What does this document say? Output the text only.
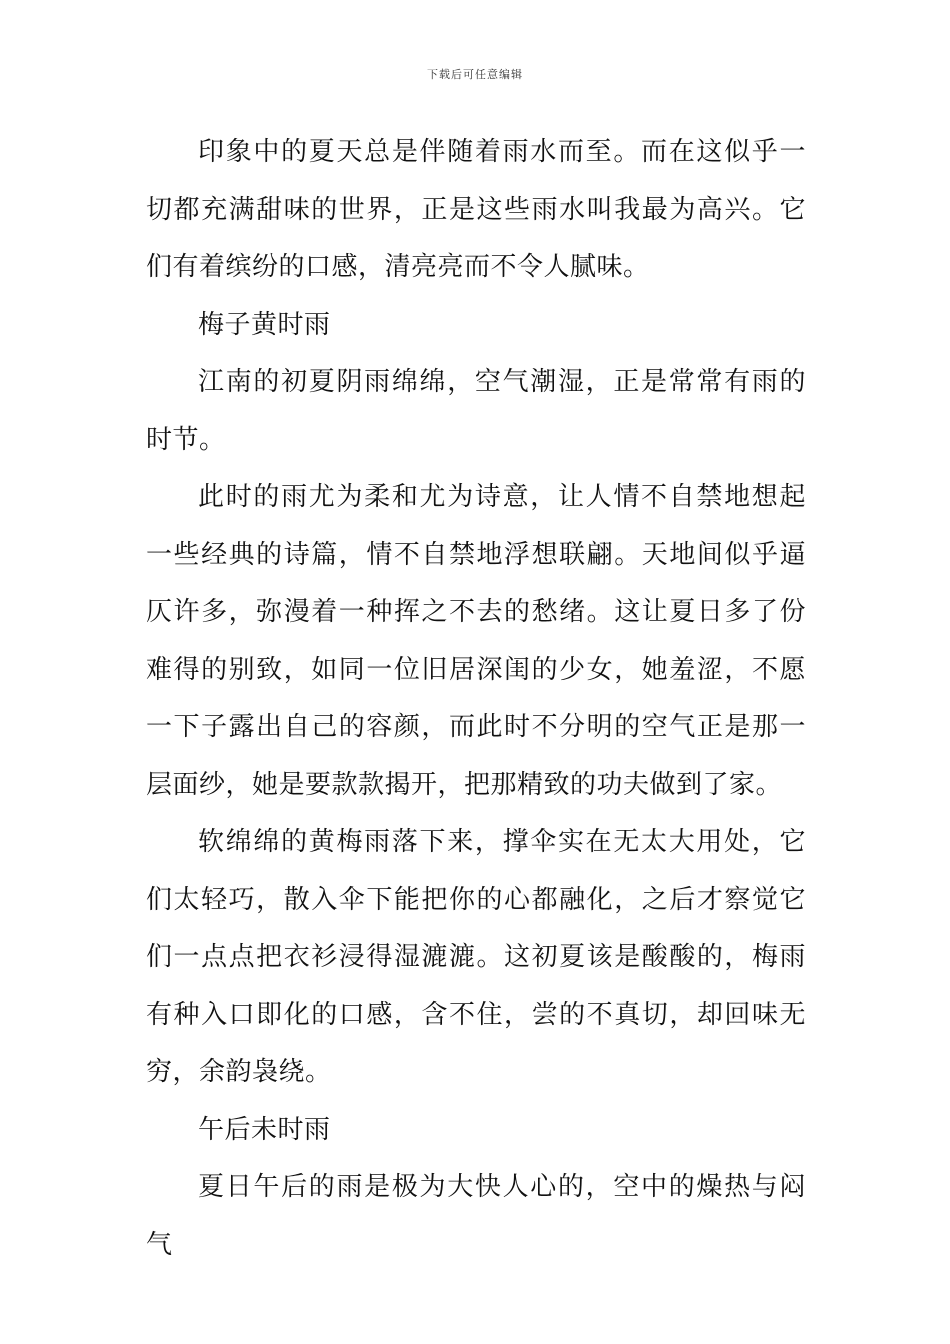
下载后可任意编辑

印象中的夏天总是伴随着雨水而至。而在这似乎一切都充满甜味的世界，正是这些雨水叫我最为高兴。它们有着缤纷的口感，清亮亮而不令人腻味。

梅子黄时雨

江南的初夏阴雨绵绵，空气潮湿，正是常常有雨的时节。

此时的雨尤为柔和尤为诗意，让人情不自禁地想起一些经典的诗篇，情不自禁地浮想联翩。天地间似乎逼仄许多，弥漫着一种挥之不去的愁绪。这让夏日多了份难得的别致，如同一位旧居深闺的少女，她羞涩，不愿一下子露出自己的容颜，而此时不分明的空气正是那一层面纱，她是要款款揭开，把那精致的功夫做到了家。

软绵绵的黄梅雨落下来，撑伞实在无太大用处，它们太轻巧，散入伞下能把你的心都融化，之后才察觉它们一点点把衣衫浸得湿漉漉。这初夏该是酸酸的，梅雨有种入口即化的口感，含不住，尝的不真切，却回味无穷，余韵袅绕。

午后未时雨

夏日午后的雨是极为大快人心的，空中的燥热与闷气
